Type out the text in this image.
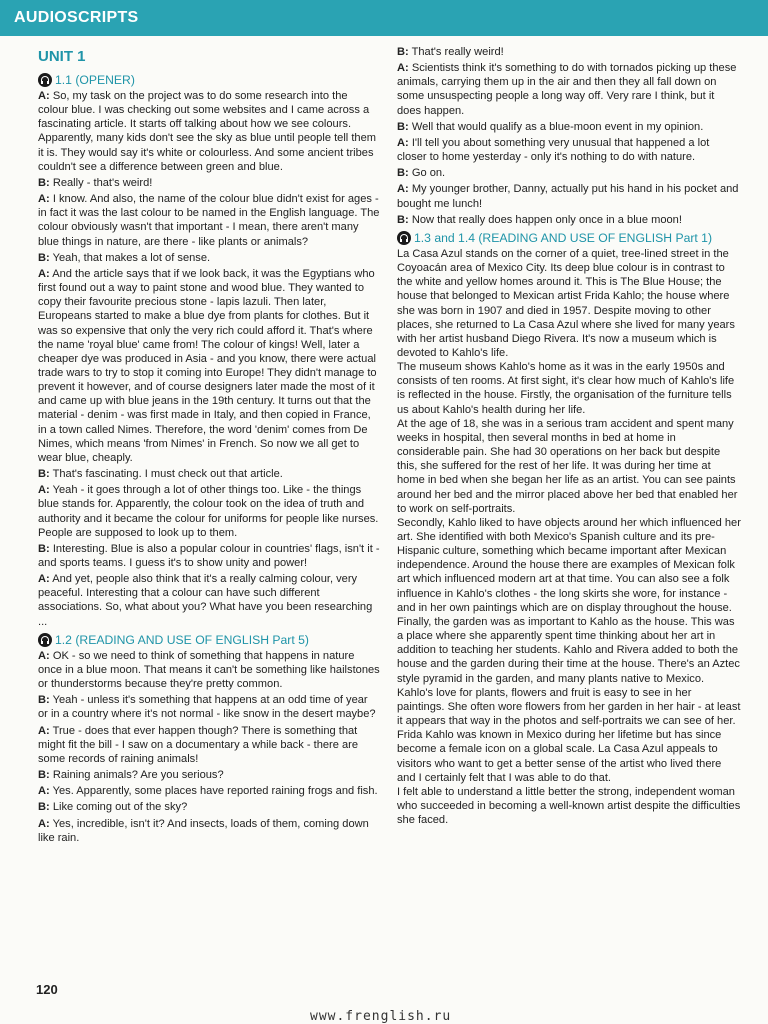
AUDIOSCRIPTS
UNIT 1
1.1 (OPENER)

A: So, my task on the project was to do some research into the colour blue. I was checking out some websites and I came across a fascinating article. It starts off talking about how we see colours. Apparently, many kids don't see the sky as blue until people tell them it is. They would say it's white or colourless. And some ancient tribes couldn't see a difference between green and blue.

B: Really - that's weird!

A: I know. And also, the name of the colour blue didn't exist for ages - in fact it was the last colour to be named in the English language. The colour obviously wasn't that important - I mean, there aren't many blue things in nature, are there - like plants or animals?

B: Yeah, that makes a lot of sense.

A: And the article says that if we look back, it was the Egyptians who first found out a way to paint stone and wood blue. They wanted to copy their favourite precious stone - lapis lazuli. Then later, Europeans started to make a blue dye from plants for clothes. But it was so expensive that only the very rich could afford it. That's where the name 'royal blue' came from! The colour of kings! Well, later a cheaper dye was produced in Asia - and you know, there were actual trade wars to try to stop it coming into Europe! They didn't manage to prevent it however, and of course designers later made the most of it and came up with blue jeans in the 19th century. It turns out that the material - denim - was first made in Italy, and then copied in France, in a town called Nimes. Therefore, the word 'denim' comes from De Nimes, which means 'from Nimes' in French. So now we all get to wear blue, cheaply.

B: That's fascinating. I must check out that article.

A: Yeah - it goes through a lot of other things too. Like - the things blue stands for. Apparently, the colour took on the idea of truth and authority and it became the colour for uniforms for people like nurses. People are supposed to look up to them.

B: Interesting. Blue is also a popular colour in countries' flags, isn't it - and sports teams. I guess it's to show unity and power!

A: And yet, people also think that it's a really calming colour, very peaceful. Interesting that a colour can have such different associations. So, what about you? What have you been researching ...

1.2 (READING AND USE OF ENGLISH Part 5)

A: OK - so we need to think of something that happens in nature once in a blue moon. That means it can't be something like hailstones or thunderstorms because they're pretty common.

B: Yeah - unless it's something that happens at an odd time of year or in a country where it's not normal - like snow in the desert maybe?

A: True - does that ever happen though? There is something that might fit the bill - I saw on a documentary a while back - there are some records of raining animals!

B: Raining animals? Are you serious?

A: Yes. Apparently, some places have reported raining frogs and fish.

B: Like coming out of the sky?

A: Yes, incredible, isn't it? And insects, loads of them, coming down like rain.

B: That's really weird!

A: Scientists think it's something to do with tornados picking up these animals, carrying them up in the air and then they all fall down on some unsuspecting people a long way off. Very rare I think, but it does happen.

B: Well that would qualify as a blue-moon event in my opinion.

A: I'll tell you about something very unusual that happened a lot closer to home yesterday - only it's nothing to do with nature.

B: Go on.

A: My younger brother, Danny, actually put his hand in his pocket and bought me lunch!

B: Now that really does happen only once in a blue moon!

1.3 and 1.4 (READING AND USE OF ENGLISH Part 1)

La Casa Azul stands on the corner of a quiet, tree-lined street in the Coyoacán area of Mexico City. Its deep blue colour is in contrast to the white and yellow homes around it. This is The Blue House; the house that belonged to Mexican artist Frida Kahlo; the house where she was born in 1907 and died in 1957. Despite moving to other places, she returned to La Casa Azul where she lived for many years with her artist husband Diego Rivera. It's now a museum which is devoted to Kahlo's life.

The museum shows Kahlo's home as it was in the early 1950s and consists of ten rooms. At first sight, it's clear how much of Kahlo's life is reflected in the house. Firstly, the organisation of the furniture tells us about Kahlo's health during her life.

At the age of 18, she was in a serious tram accident and spent many weeks in hospital, then several months in bed at home in considerable pain. She had 30 operations on her back but despite this, she suffered for the rest of her life. It was during her time at home in bed when she began her life as an artist. You can see paints around her bed and the mirror placed above her bed that enabled her to work on self-portraits.

Secondly, Kahlo liked to have objects around her which influenced her art. She identified with both Mexico's Spanish culture and its pre-Hispanic culture, something which became important after Mexican independence. Around the house there are examples of Mexican folk art which influenced modern art at that time. You can also see a folk influence in Kahlo's clothes - the long skirts she wore, for instance - and in her own paintings which are on display throughout the house.

Finally, the garden was as important to Kahlo as the house. This was a place where she apparently spent time thinking about her art in addition to teaching her students. Kahlo and Rivera added to both the house and the garden during their time at the house. There's an Aztec style pyramid in the garden, and many plants native to Mexico. Kahlo's love for plants, flowers and fruit is easy to see in her paintings. She often wore flowers from her garden in her hair - at least it appears that way in the photos and self-portraits we can see of her.

Frida Kahlo was known in Mexico during her lifetime but has since become a female icon on a global scale. La Casa Azul appeals to visitors who want to get a better sense of the artist who lived there and I certainly felt that I was able to do that.

I felt able to understand a little better the strong, independent woman who succeeded in becoming a well-known artist despite the difficulties she faced.

120
www.frenglish.ru
